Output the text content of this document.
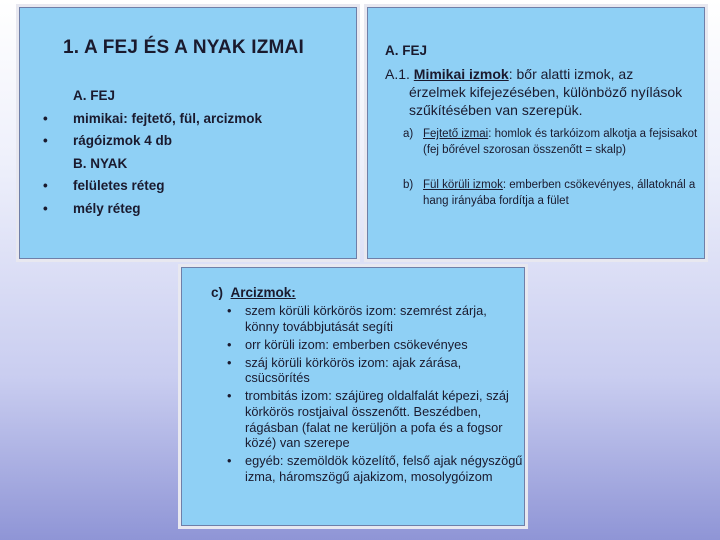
1. A FEJ ÉS A NYAK IZMAI
A. FEJ
• mimikai: fejtető, fül, arcizmok
• rágóizmok 4 db
B. NYAK
• felületes réteg
• mély réteg
A. FEJ
A.1. Mimikai izmok: bőr alatti izmok, az
érzelmek kifejezésében, különböző nyílások szűkítésében van szerepük.
a) Fejtető izmai: homlok és tarkóizom alkotja a fejsisakot (fej bőrével szorosan összenőtt = skalp)
b) Fül körüli izmok: emberben csökevényes, állatoknál a hang irányába fordítja a fület
c) Arcizmok:
• szem körüli körkörös izom: szemrést zárja, könny továbbjutását segíti
• orr körüli izom: emberben csökevényes
• száj körüli körkörös izom: ajak zárása, csücsörítés
• trombitás izom: szájüreg oldalfalát képezi, száj körkörös rostjaival összenőtt. Beszédben, rágásban (falat ne kerüljön a pofa és a fogsor közé) van szerepe
• egyéb: szemöldök közelítő, felső ajak négyszögű izma, háromszögű ajakizom, mosolygóizom
